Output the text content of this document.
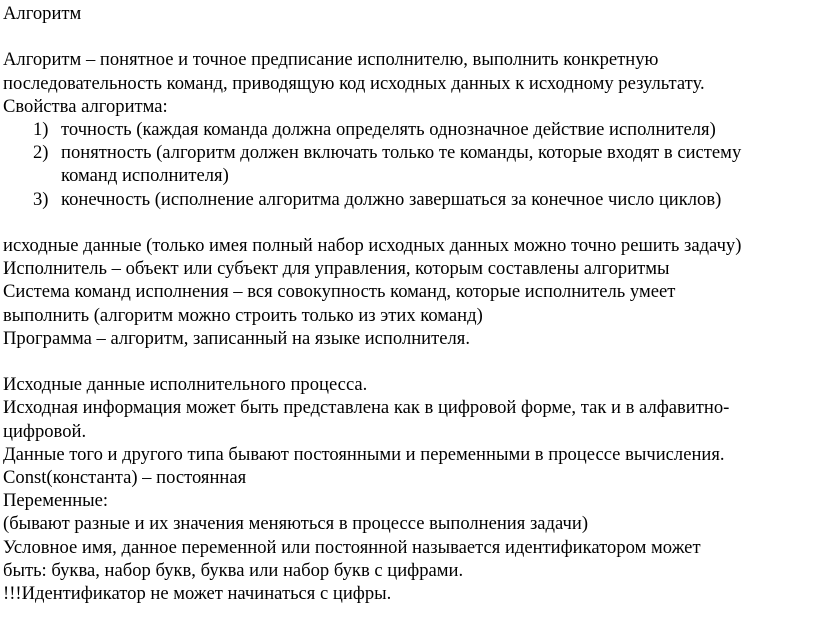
Алгоритм

Алгоритм – понятное и точное предписание исполнителю, выполнить конкретную

последовательность команд, приводящую код исходных данных к исходному результату.

Свойства алгоритма:

1) точность (каждая команда должна определять однозначное действие исполнителя)
2) понятность (алгоритм должен включать только те команды, которые входят в систему
команд исполнителя)
3) конечность (исполнение алгоритма должно завершаться за конечное число циклов)

исходные данные (только имея полный набор исходных данных можно точно решить задачу)

Исполнитель – объект или субъект для управления, которым составлены алгоритмы

Система команд исполнения – вся совокупность команд, которые исполнитель умеет

выполнить (алгоритм можно строить только из этих команд)

Программа – алгоритм, записанный на языке исполнителя.

Исходные данные исполнительного процесса.

Исходная информация может быть представлена как в цифровой форме, так и в алфавитно-

цифровой.

Данные того и другого типа бывают постоянными и переменными в процессе вычисления.

Const(константа) – постоянная

Переменные:

(бывают разные и их значения меняються в процессе выполнения задачи)

Условное имя, данное переменной или постоянной называется идентификатором может

быть: буква, набор букв, буква или набор букв с цифрами.

!!!Идентификатор не может начинаться с цифры.
